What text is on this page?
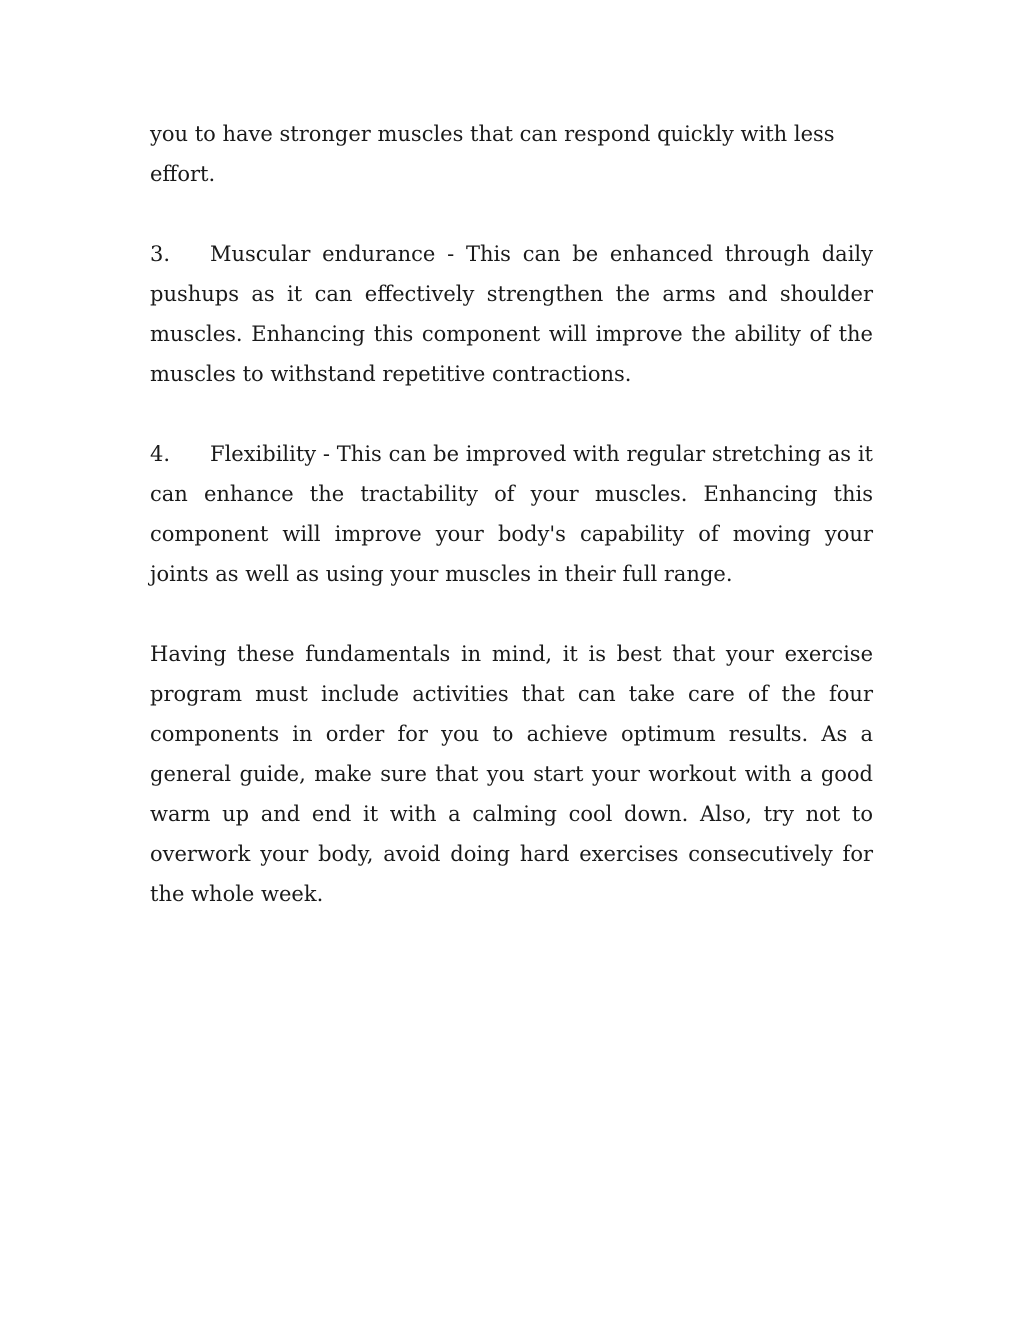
you to have stronger muscles that can respond quickly with less effort.

3. Muscular endurance - This can be enhanced through daily pushups as it can effectively strengthen the arms and shoulder muscles. Enhancing this component will improve the ability of the muscles to withstand repetitive contractions.

4. Flexibility - This can be improved with regular stretching as it can enhance the tractability of your muscles. Enhancing this component will improve your body's capability of moving your joints as well as using your muscles in their full range.

Having these fundamentals in mind, it is best that your exercise program must include activities that can take care of the four components in order for you to achieve optimum results. As a general guide, make sure that you start your workout with a good warm up and end it with a calming cool down. Also, try not to overwork your body, avoid doing hard exercises consecutively for the whole week.
